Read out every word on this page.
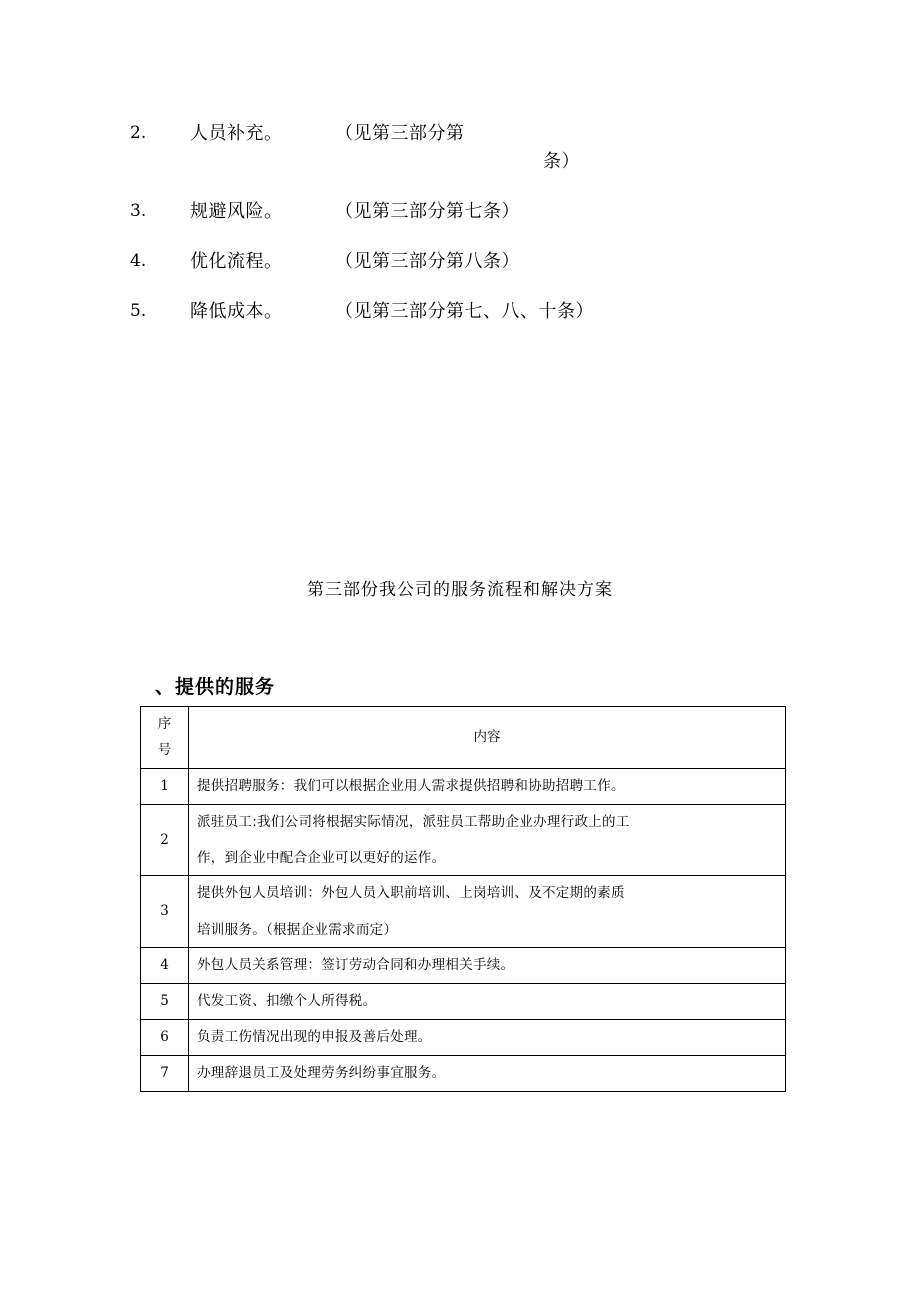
2.	人员补充。	（见第三部分第
条）
3.	规避风险。	（见第三部分第七条）
4.	优化流程。	（见第三部分第八条）
5.	降低成本。	（见第三部分第七、八、十条）
第三部份我公司的服务流程和解决方案
、提供的服务
序
号	内容
1	提供招聘服务：我们可以根据企业用人需求提供招聘和协助招聘工作。

2	派驻员工:我们公司将根据实际情况，派驻员工帮助企业办理行政上的工
作，到企业中配合企业可以更好的运作。

3	提供外包人员培训：外包人员入职前培训、上岗培训、及不定期的素质
培训服务。（根据企业需求而定）

4	外包人员关系管理：签订劳动合同和办理相关手续。

5	代发工资、扣缴个人所得税。

6	负责工伤情况出现的申报及善后处理。

7	办理辞退员工及处理劳务纠纷事宜服务。
